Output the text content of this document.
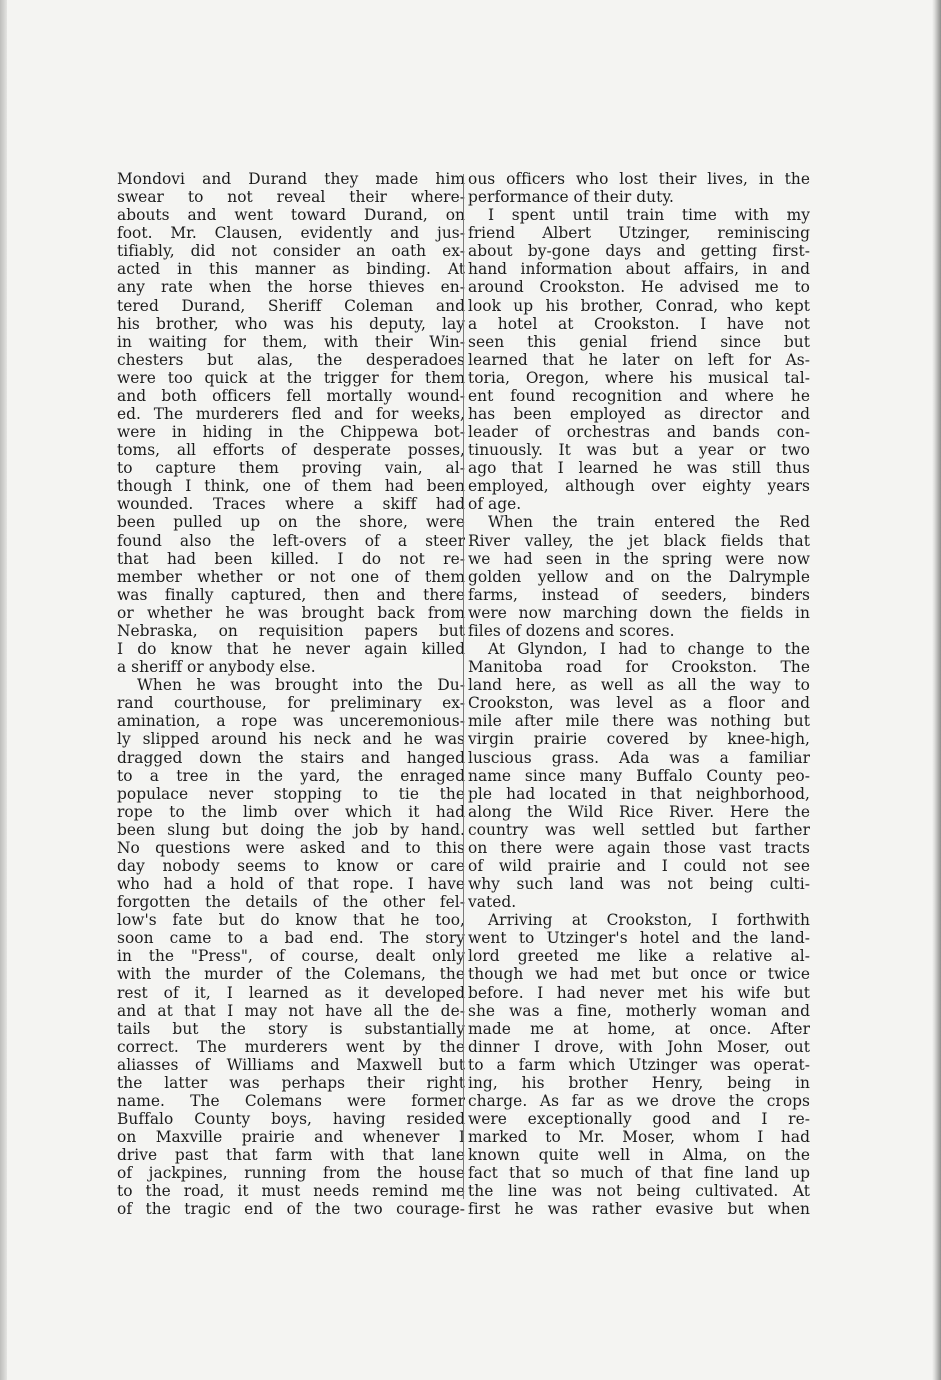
Mondovi and Durand they made him
swear to not reveal their where-
abouts and went toward Durand, on
foot. Mr. Clausen, evidently and jus-
tifiably, did not consider an oath ex-
acted in this manner as binding. At
any rate when the horse thieves en-
tered Durand, Sheriff Coleman and
his brother, who was his deputy, lay
in waiting for them, with their Win-
chesters but alas, the desperadoes
were too quick at the trigger for them
and both officers fell mortally wound-
ed. The murderers fled and for weeks,
were in hiding in the Chippewa bot-
toms, all efforts of desperate posses,
to capture them proving vain, al-
though I think, one of them had been
wounded. Traces where a skiff had
been pulled up on the shore, were
found also the left-overs of a steer
that had been killed. I do not re-
member whether or not one of them
was finally captured, then and there
or whether he was brought back from
Nebraska, on requisition papers but
I do know that he never again killed
a sheriff or anybody else.
When he was brought into the Du-
rand courthouse, for preliminary ex-
amination, a rope was unceremonious-
ly slipped around his neck and he was
dragged down the stairs and hanged
to a tree in the yard, the enraged
populace never stopping to tie the
rope to the limb over which it had
been slung but doing the job by hand.
No questions were asked and to this
day nobody seems to know or care
who had a hold of that rope. I have
forgotten the details of the other fel-
low's fate but do know that he too,
soon came to a bad end. The story
in the "Press", of course, dealt only
with the murder of the Colemans, the
rest of it, I learned as it developed
and at that I may not have all the de-
tails but the story is substantially
correct. The murderers went by the
aliasses of Williams and Maxwell but
the latter was perhaps their right
name. The Colemans were former
Buffalo County boys, having resided
on Maxville prairie and whenever I
drive past that farm with that lane
of jackpines, running from the house
to the road, it must needs remind me
of the tragic end of the two courage-
ous officers who lost their lives, in the
performance of their duty.
I spent until train time with my
friend Albert Utzinger, reminiscing
about by-gone days and getting first-
hand information about affairs, in and
around Crookston. He advised me to
look up his brother, Conrad, who kept
a hotel at Crookston. I have not
seen this genial friend since but
learned that he later on left for As-
toria, Oregon, where his musical tal-
ent found recognition and where he
has been employed as director and
leader of orchestras and bands con-
tinuously. It was but a year or two
ago that I learned he was still thus
employed, although over eighty years
of age.
When the train entered the Red
River valley, the jet black fields that
we had seen in the spring were now
golden yellow and on the Dalrymple
farms, instead of seeders, binders
were now marching down the fields in
files of dozens and scores.
At Glyndon, I had to change to the
Manitoba road for Crookston. The
land here, as well as all the way to
Crookston, was level as a floor and
mile after mile there was nothing but
virgin prairie covered by knee-high,
luscious grass. Ada was a familiar
name since many Buffalo County peo-
ple had located in that neighborhood,
along the Wild Rice River. Here the
country was well settled but farther
on there were again those vast tracts
of wild prairie and I could not see
why such land was not being culti-
vated.
Arriving at Crookston, I forthwith
went to Utzinger's hotel and the land-
lord greeted me like a relative al-
though we had met but once or twice
before. I had never met his wife but
she was a fine, motherly woman and
made me at home, at once. After
dinner I drove, with John Moser, out
to a farm which Utzinger was operat-
ing, his brother Henry, being in
charge. As far as we drove the crops
were exceptionally good and I re-
marked to Mr. Moser, whom I had
known quite well in Alma, on the
fact that so much of that fine land up
the line was not being cultivated. At
first he was rather evasive but when
